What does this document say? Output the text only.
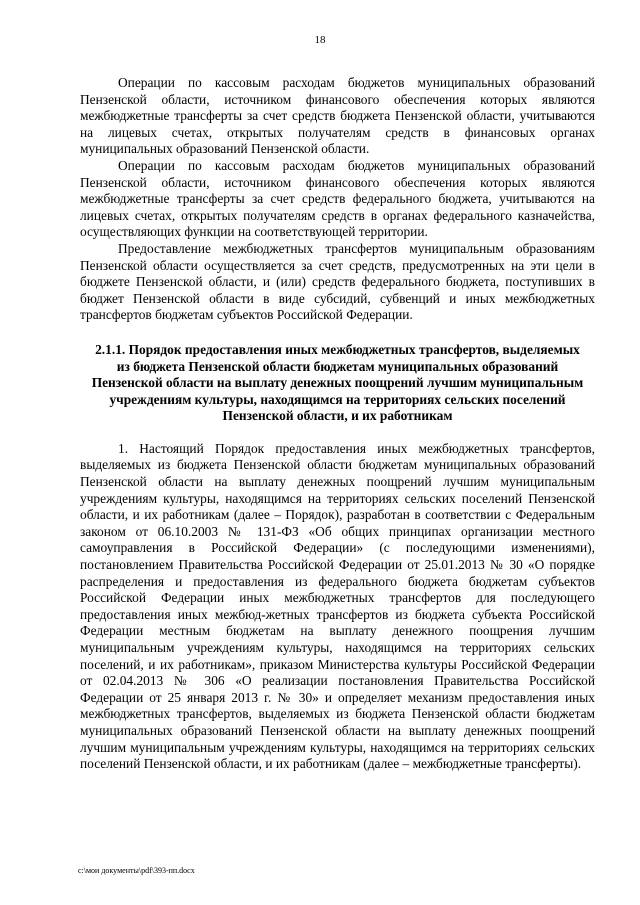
18

Операции по кассовым расходам бюджетов муниципальных образований Пензенской области, источником финансового обеспечения которых являются межбюджетные трансферты за счет средств бюджета Пензенской области, учитываются на лицевых счетах, открытых получателям средств в финансовых органах муниципальных образований Пензенской области.

Операции по кассовым расходам бюджетов муниципальных образований Пензенской области, источником финансового обеспечения которых являются межбюджетные трансферты за счет средств федерального бюджета, учитываются на лицевых счетах, открытых получателям средств в органах федерального казначейства, осуществляющих функции на соответствующей территории.

Предоставление межбюджетных трансфертов муниципальным образованиям Пензенской области осуществляется за счет средств, предусмотренных на эти цели в бюджете Пензенской области, и (или) средств федерального бюджета, поступивших в бюджет Пензенской области в виде субсидий, субвенций и иных межбюджетных трансфертов бюджетам субъектов Российской Федерации.

2.1.1. Порядок предоставления иных межбюджетных трансфертов, выделяемых из бюджета Пензенской области бюджетам муниципальных образований Пензенской области на выплату денежных поощрений лучшим муниципальным учреждениям культуры, находящимся на территориях сельских поселений Пензенской области, и их работникам

1. Настоящий Порядок предоставления иных межбюджетных трансфертов, выделяемых из бюджета Пензенской области бюджетам муниципальных образований Пензенской области на выплату денежных поощрений лучшим муниципальным учреждениям культуры, находящимся на территориях сельских поселений Пензенской области, и их работникам (далее – Порядок), разработан в соответствии с Федеральным законом от 06.10.2003 № 131-ФЗ «Об общих принципах организации местного самоуправления в Российской Федерации» (с последующими изменениями), постановлением Правительства Российской Федерации от 25.01.2013 № 30 «О порядке распределения и предоставления из федерального бюджета бюджетам субъектов Российской Федерации иных межбюджетных трансфертов для последующего предоставления иных межбюд-жетных трансфертов из бюджета субъекта Российской Федерации местным бюджетам на выплату денежного поощрения лучшим муниципальным учреждениям культуры, находящимся на территориях сельских поселений, и их работникам», приказом Министерства культуры Российской Федерации от 02.04.2013 № 306 «О реализации постановления Правительства Российской Федерации от 25 января 2013 г. № 30» и определяет механизм предоставления иных межбюджетных трансфертов, выделяемых из бюджета Пензенской области бюджетам муниципальных образований Пензенской области на выплату денежных поощрений лучшим муниципальным учреждениям культуры, находящимся на территориях сельских поселений Пензенской области, и их работникам (далее – межбюджетные трансферты).

c:\мои документы\pdf\393-пп.docx
